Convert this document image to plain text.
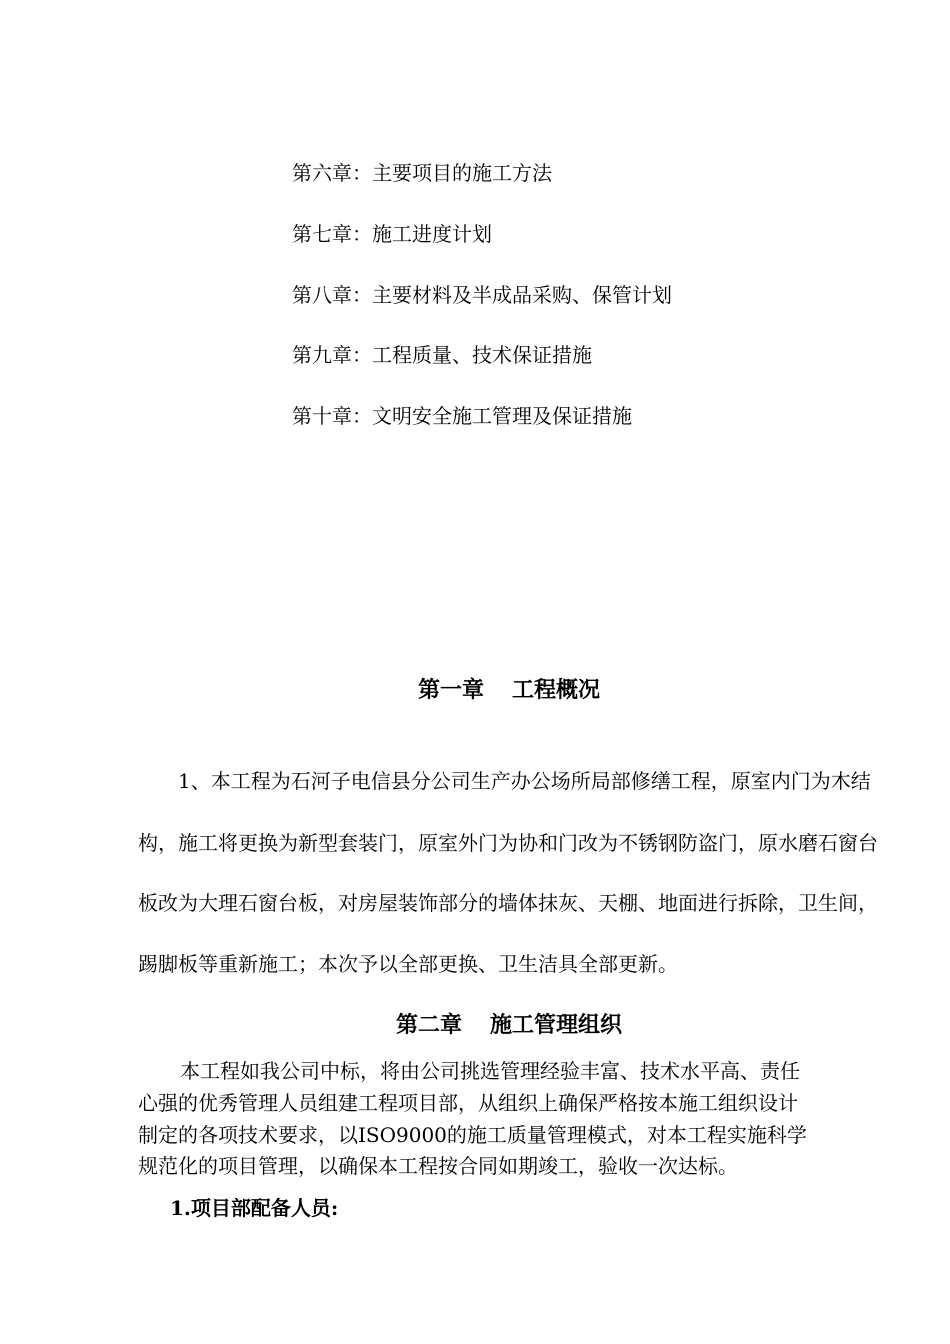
第六章：主要项目的施工方法
第七章：施工进度计划
第八章：主要材料及半成品采购、保管计划
第九章：工程质量、技术保证措施
第十章：文明安全施工管理及保证措施
第一章 工程概况
1、本工程为石河子电信县分公司生产办公场所局部修缮工程，原室内门为木结
构，施工将更换为新型套装门，原室外门为协和门改为不锈钢防盗门，原水磨石窗台
板改为大理石窗台板，对房屋装饰部分的墙体抹灰、天棚、地面进行拆除，卫生间，
踢脚板等重新施工；本次予以全部更换、卫生洁具全部更新。
第二章 施工管理组织
本工程如我公司中标，将由公司挑选管理经验丰富、技术水平高、责任
心强的优秀管理人员组建工程项目部，从组织上确保严格按本施工组织设计
制定的各项技术要求，以ISO9000的施工质量管理模式，对本工程实施科学
规范化的项目管理，以确保本工程按合同如期竣工，验收一次达标。
1.项目部配备人员:
